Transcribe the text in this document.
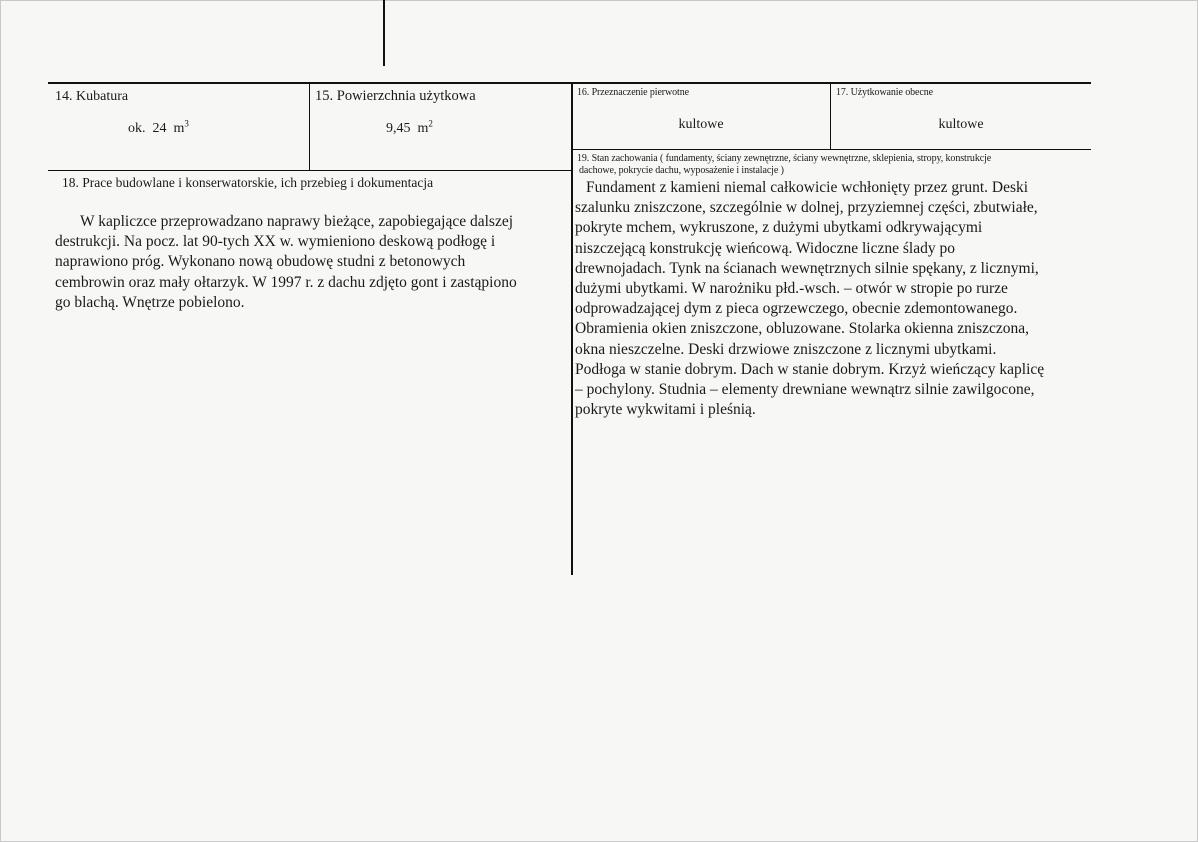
14. Kubatura
ok. 24 $m^3$
15. Powierzchnia użytkowa
9,45 $m^2$
16. Przeznaczenie pierwotne
kultowe
17. Użytkowanie obecne
kultowe
18. Prace budowlane i konserwatorskie, ich przebieg i dokumentacja
W kapliczce przeprowadzano naprawy bieżące, zapobiegające dalszej
destrukcji. Na pocz. lat 90-tych XX w. wymieniono deskową podłogę i
naprawiono próg. Wykonano nową obudowę studni z betonowych
cembrowin oraz mały ołtarzyk. W 1997 r. z dachu zdjęto gont i zastąpiono
go blachą. Wnętrze pobielono.
19. Stan zachowania ( fundamenty, ściany zewnętrzne, ściany wewnętrzne, sklepienia, stropy, konstrukcje
dachowe, pokrycie dachu, wyposażenie i instalacje )
Fundament z kamieni niemal całkowicie wchłonięty przez grunt. Deski
szalunku zniszczone, szczególnie w dolnej, przyziemnej części, zbutwiałe,
pokryte mchem, wykruszone, z dużymi ubytkami odkrywającymi
niszczejącą konstrukcję wieńcową. Widoczne liczne ślady po
drewnojadach. Tynk na ścianach wewnętrznych silnie spękany, z licznymi,
dużymi ubytkami. W narożniku płd.-wsch. – otwór w stropie po rurze
odprowadzającej dym z pieca ogrzewczego, obecnie zdemontowanego.
Obramienia okien zniszczone, obluzowane. Stolarka okienna zniszczona,
okna nieszczelne. Deski drzwiowe zniszczone z licznymi ubytkami.
Podłoga w stanie dobrym. Dach w stanie dobrym. Krzyż wieńczący kaplicę
– pochylony. Studnia – elementy drewniane wewnątrz silnie zawilgocone,
pokryte wykwitami i pleśnią.
